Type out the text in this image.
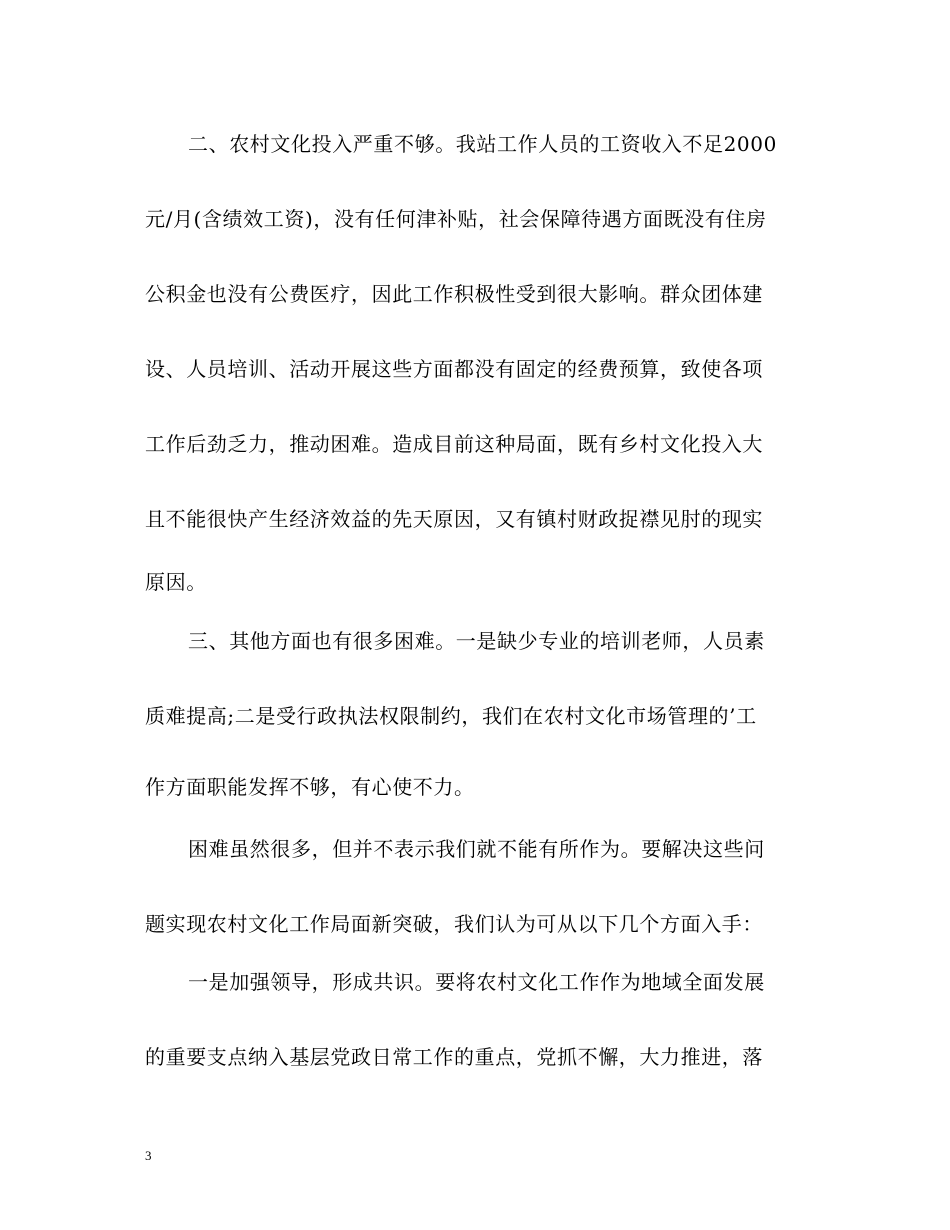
二、农村文化投入严重不够。我站工作人员的工资收入不足2000
元/月(含绩效工资)，没有任何津补贴，社会保障待遇方面既没有住房
公积金也没有公费医疗，因此工作积极性受到很大影响。群众团体建
设、人员培训、活动开展这些方面都没有固定的经费预算，致使各项
工作后劲乏力，推动困难。造成目前这种局面，既有乡村文化投入大
且不能很快产生经济效益的先天原因，又有镇村财政捉襟见肘的现实
原因。
三、其他方面也有很多困难。一是缺少专业的培训老师，人员素
质难提高;二是受行政执法权限制约，我们在农村文化市场管理的’工
作方面职能发挥不够，有心使不力。
困难虽然很多，但并不表示我们就不能有所作为。要解决这些问
题实现农村文化工作局面新突破，我们认为可从以下几个方面入手：
一是加强领导，形成共识。要将农村文化工作作为地域全面发展
的重要支点纳入基层党政日常工作的重点，党抓不懈，大力推进，落
3
